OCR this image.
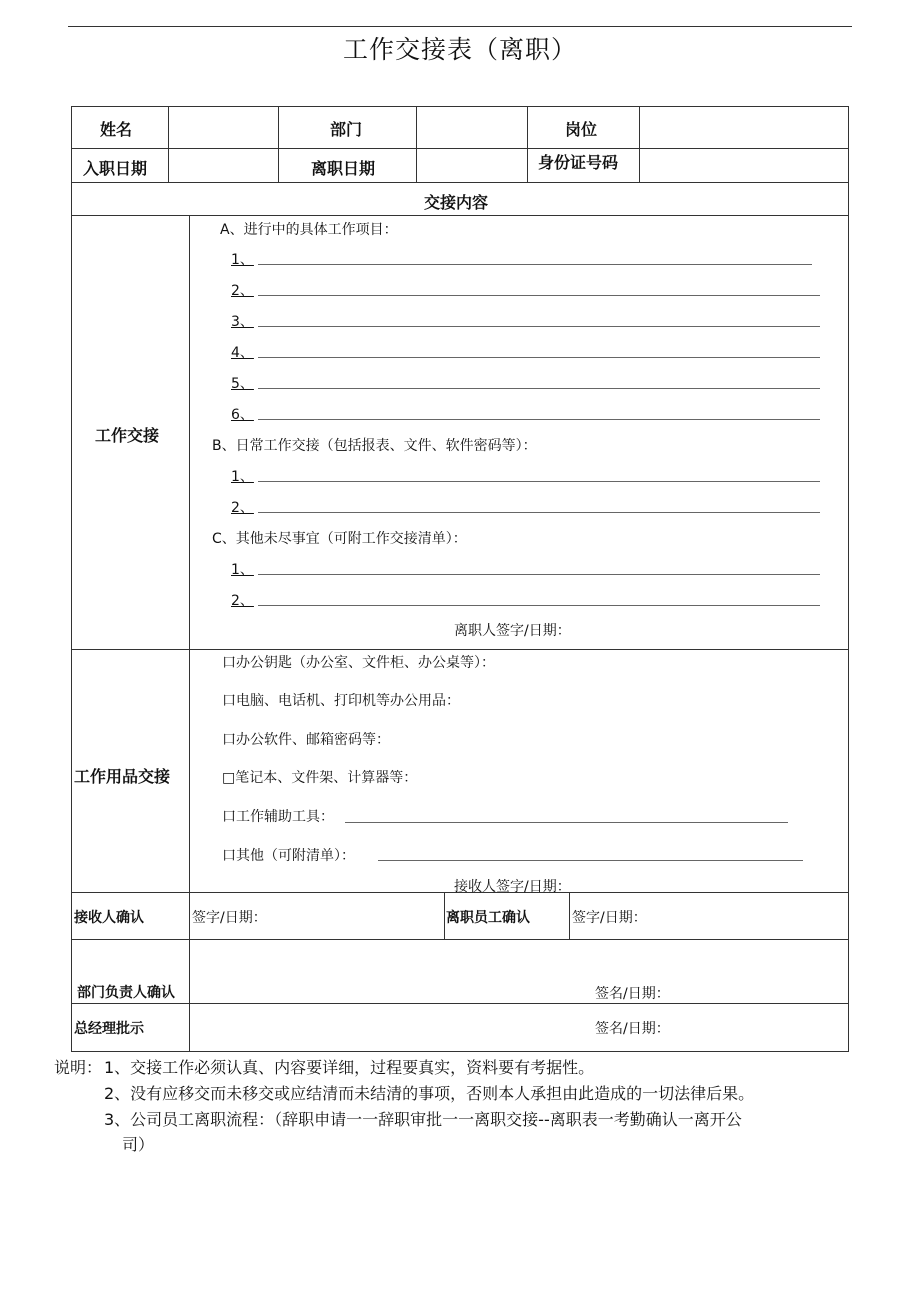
工作交接表（离职）
姓名	部门	岗位
入职日期	离职日期	身份证号码
交接内容
工作交接
A、进行中的具体工作项目：
1、
2、
3、
4、
5、
6、
B、日常工作交接（包括报表、文件、软件密码等）：
1、
2、
C、其他未尽事宜（可附工作交接清单）：
1、
2、
离职人签字/日期：
工作用品交接
口办公钥匙（办公室、文件柜、办公桌等）：
口电脑、电话机、打印机等办公用品：
口办公软件、邮箱密码等：
□笔记本、文件架、计算器等：
口工作辅助工具：
口其他（可附清单）：
接收人签字/日期：
接收人确认	签字/日期：	离职员工确认	签字/日期：
部门负责人确认	签名/日期：
总经理批示	签名/日期：
说明： 1、交接工作必须认真、内容要详细，过程要真实，资料要有考据性。
2、没有应移交而未移交或应结清而未结清的事项，否则本人承担由此造成的一切法律后果。
3、公司员工离职流程：（辞职申请一一辞职审批一一离职交接--离职表一考勤确认一离开公
司）
